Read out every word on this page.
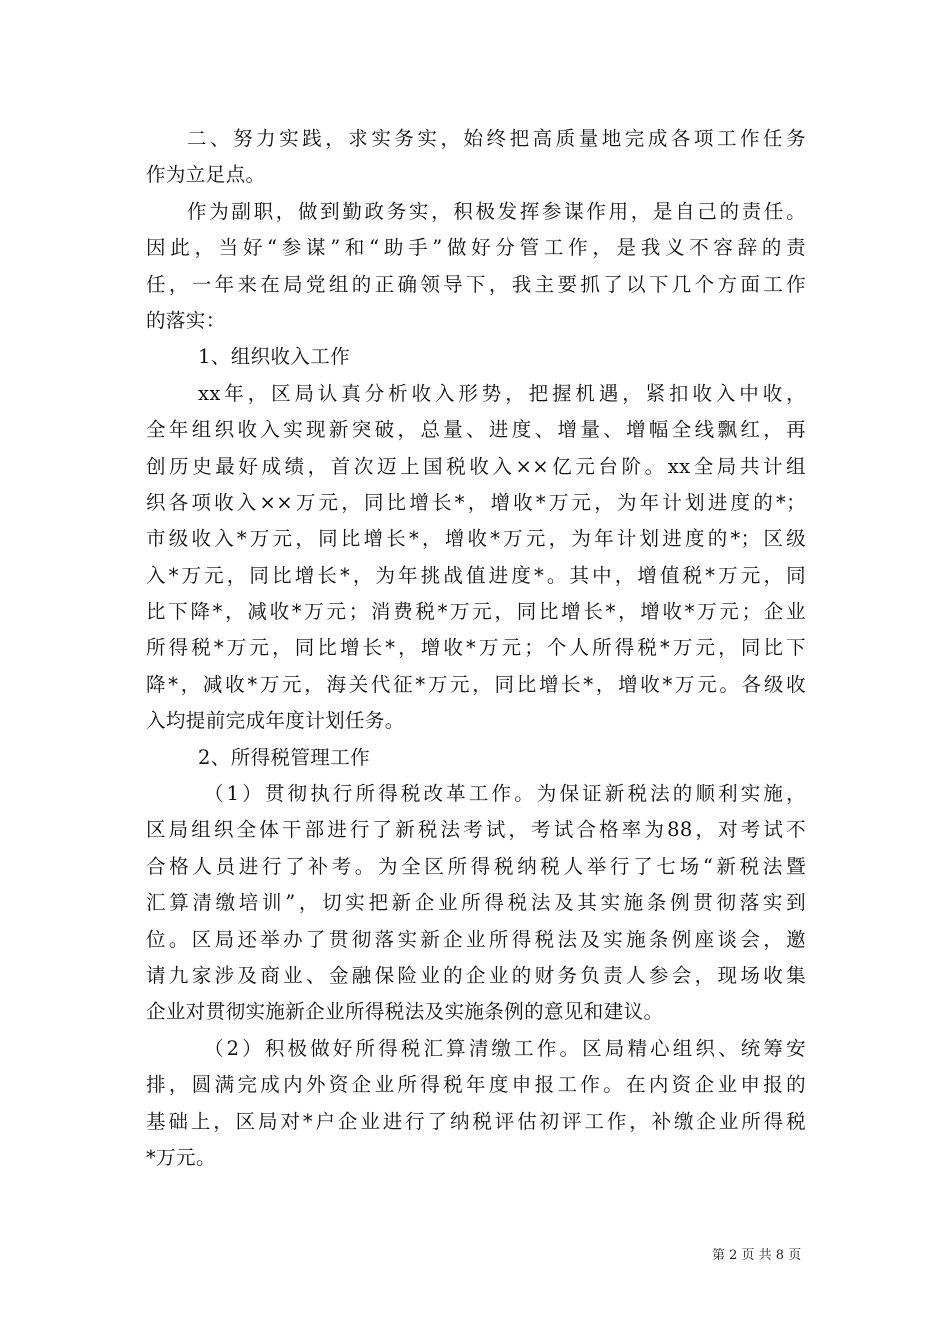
二、努力实践，求实务实，始终把高质量地完成各项工作任务
作为立足点。
作为副职，做到勤政务实，积极发挥参谋作用，是自己的责任。
因此，当好“参谋”和“助手”做好分管工作，是我义不容辞的责
任，一年来在局党组的正确领导下，我主要抓了以下几个方面工作
的落实：
1、组织收入工作
xx年，区局认真分析收入形势，把握机遇，紧扣收入中收，
全年组织收入实现新突破，总量、进度、增量、增幅全线飘红，再
创历史最好成绩，首次迈上国税收入××亿元台阶。xx全局共计组
织各项收入××万元，同比增长*，增收*万元，为年计划进度的*；
市级收入*万元，同比增长*，增收*万元，为年计划进度的*；区级
入*万元，同比增长*，为年挑战值进度*。其中，增值税*万元，同
比下降*，减收*万元；消费税*万元，同比增长*，增收*万元；企业
所得税*万元，同比增长*，增收*万元；个人所得税*万元，同比下
降*，减收*万元，海关代征*万元，同比增长*，增收*万元。各级收
入均提前完成年度计划任务。
2、所得税管理工作
（1）贯彻执行所得税改革工作。为保证新税法的顺利实施，
区局组织全体干部进行了新税法考试，考试合格率为88，对考试不
合格人员进行了补考。为全区所得税纳税人举行了七场“新税法暨
汇算清缴培训”，切实把新企业所得税法及其实施条例贯彻落实到
位。区局还举办了贯彻落实新企业所得税法及实施条例座谈会，邀
请九家涉及商业、金融保险业的企业的财务负责人参会，现场收集
企业对贯彻实施新企业所得税法及实施条例的意见和建议。
（2）积极做好所得税汇算清缴工作。区局精心组织、统筹安
排，圆满完成内外资企业所得税年度申报工作。在内资企业申报的
基础上，区局对*户企业进行了纳税评估初评工作，补缴企业所得税
*万元。
第 2 页 共 8 页
